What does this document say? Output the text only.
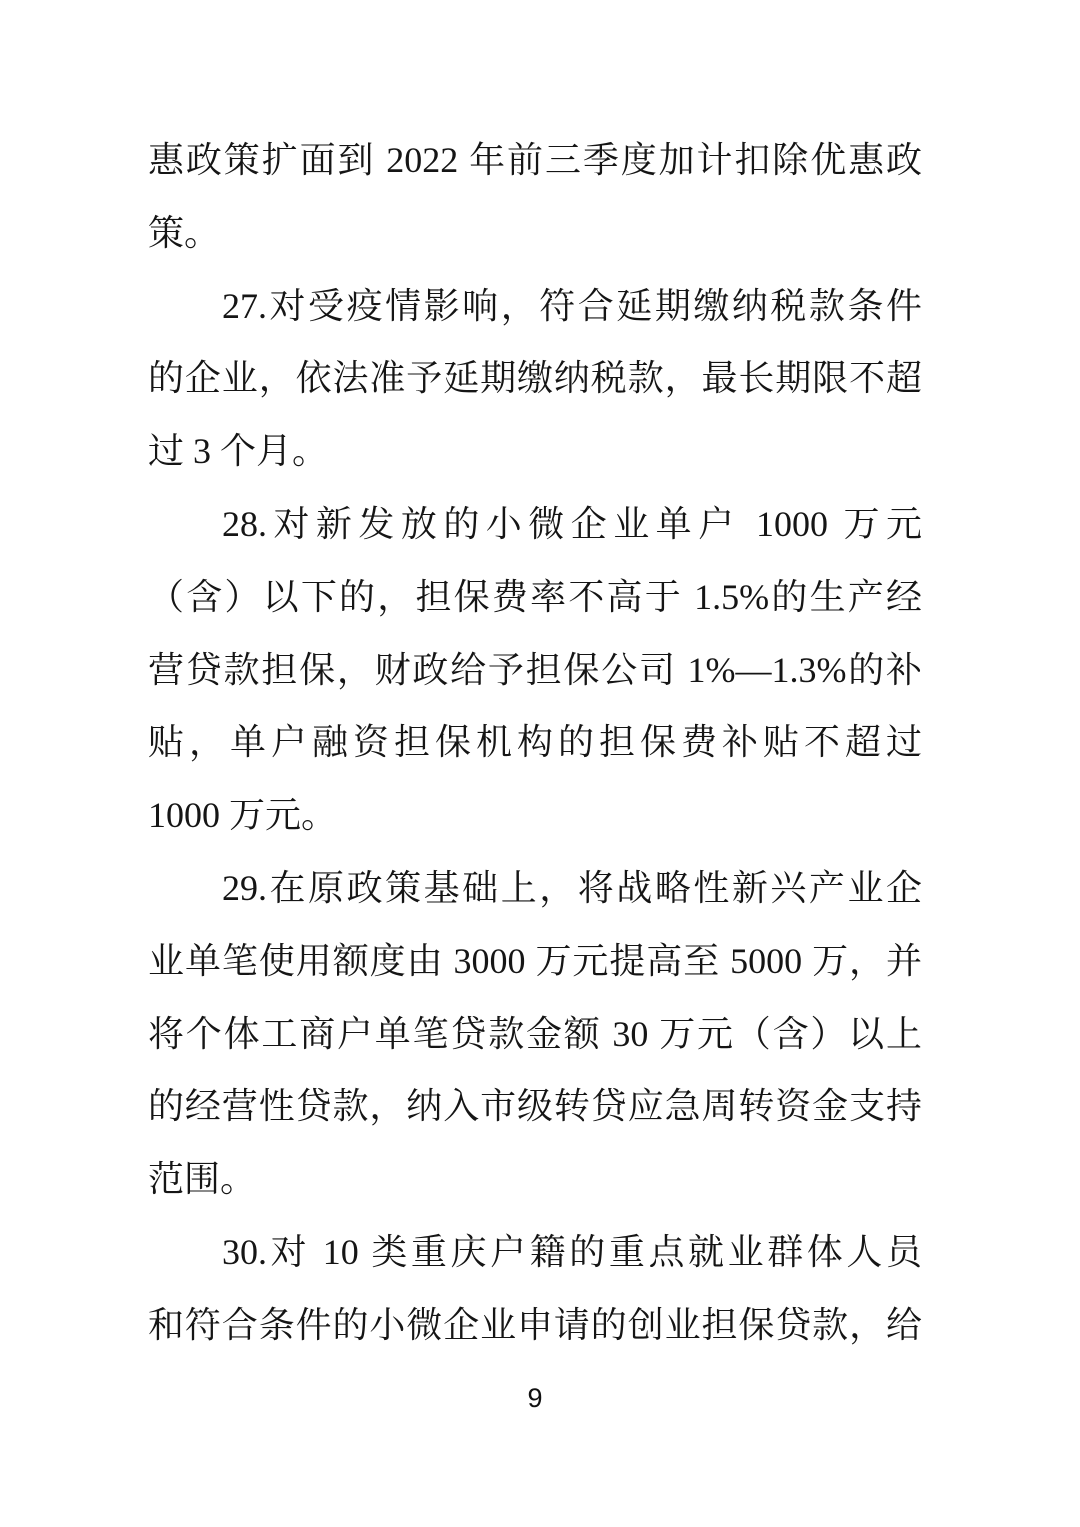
惠政策扩面到 2022 年前三季度加计扣除优惠政
策。
27.对受疫情影响，符合延期缴纳税款条件
的企业，依法准予延期缴纳税款，最长期限不超
过 3 个月。
28.对新发放的小微企业单户 1000 万元
（含）以下的，担保费率不高于 1.5%的生产经
营贷款担保，财政给予担保公司 1%—1.3%的补
贴，单户融资担保机构的担保费补贴不超过
1000 万元。
29.在原政策基础上，将战略性新兴产业企
业单笔使用额度由 3000 万元提高至 5000 万，并
将个体工商户单笔贷款金额 30 万元（含）以上
的经营性贷款，纳入市级转贷应急周转资金支持
范围。
30.对 10 类重庆户籍的重点就业群体人员
和符合条件的小微企业申请的创业担保贷款，给
9
